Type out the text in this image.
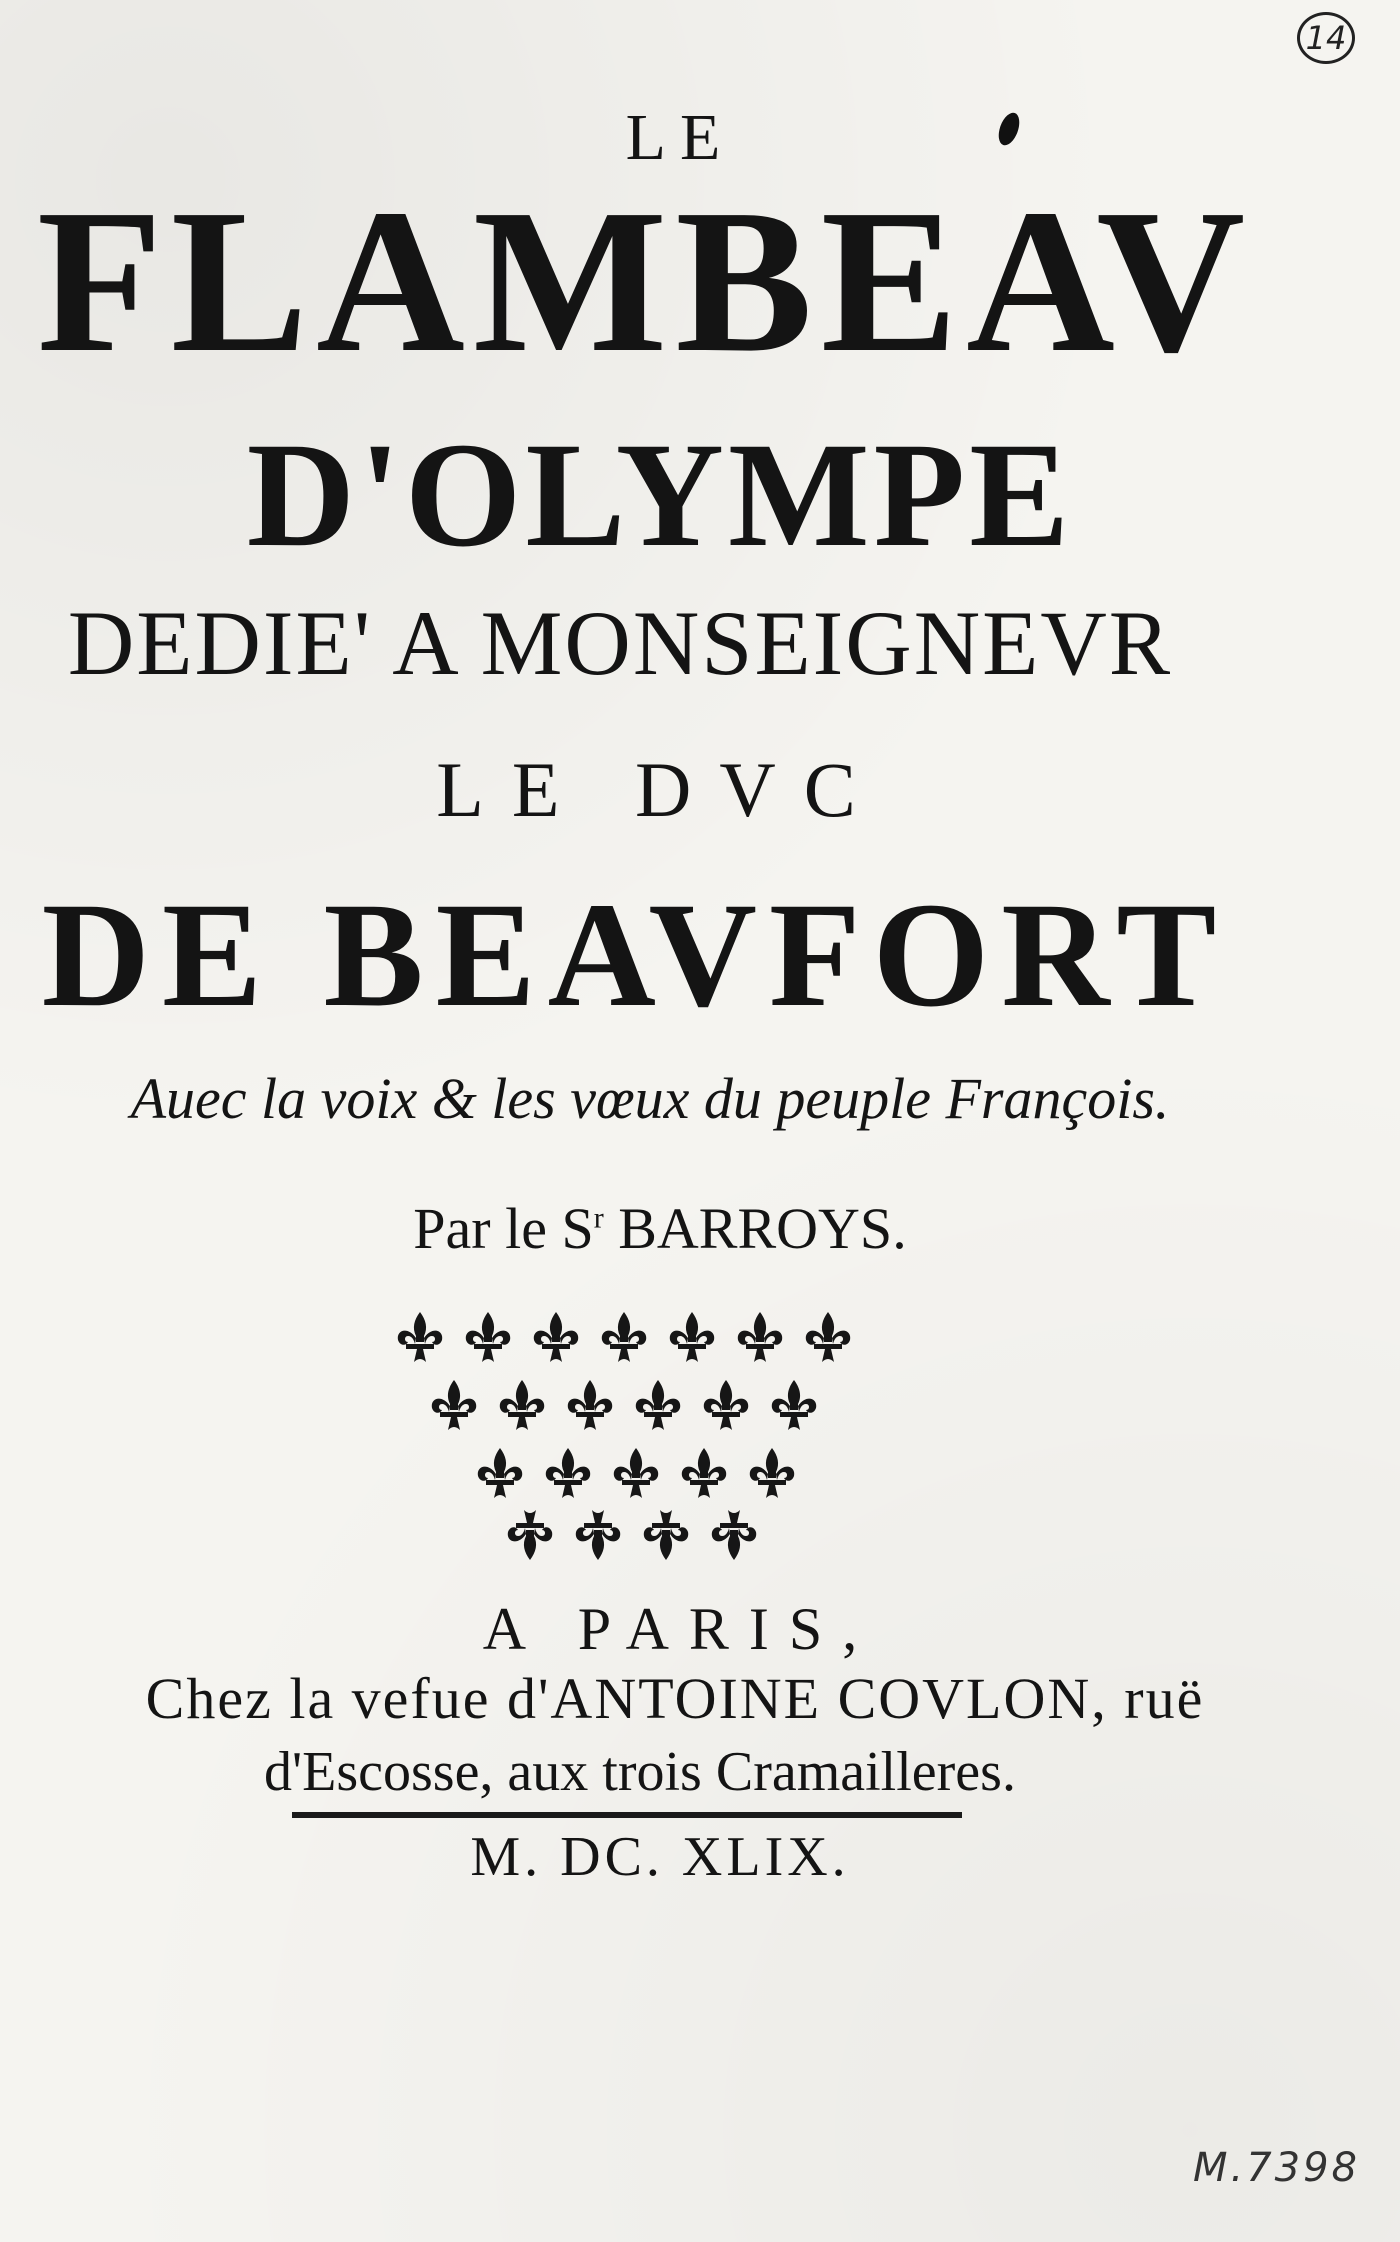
14
LE
FLAMBEAV
D'OLYMPE
DEDIE' A MONSEIGNEVR
LE DVC
DE BEAVFORT

Auec la voix & les vœux du peuple François.

Par le $S^r$ BARROYS.

A PARIS,

Chez la vefue d'ANTOINE COVLON, ruë

d'Escosse, aux trois Cramailleres.

M. DC. XLIX.

M.7398
